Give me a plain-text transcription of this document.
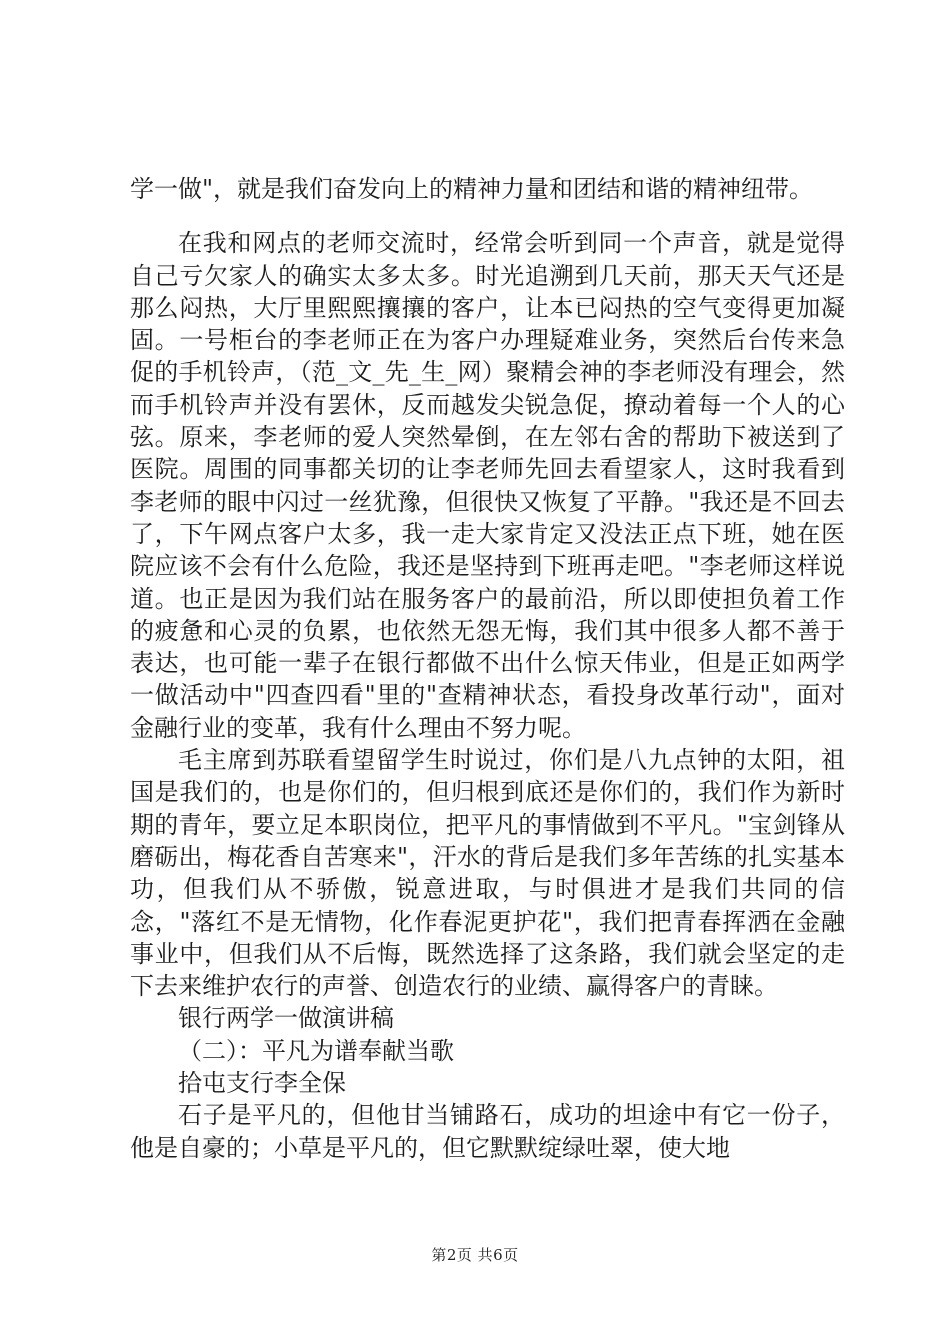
学一做"，就是我们奋发向上的精神力量和团结和谐的精神纽带。

在我和网点的老师交流时，经常会听到同一个声音，就是觉得自己亏欠家人的确实太多太多。时光追溯到几天前，那天天气还是那么闷热，大厅里熙熙攘攘的客户，让本已闷热的空气变得更加凝固。一号柜台的李老师正在为客户办理疑难业务，突然后台传来急促的手机铃声，（范_文_先_生_网）聚精会神的李老师没有理会，然而手机铃声并没有罢休，反而越发尖锐急促，撩动着每一个人的心弦。原来，李老师的爱人突然晕倒，在左邻右舍的帮助下被送到了医院。周围的同事都关切的让李老师先回去看望家人，这时我看到李老师的眼中闪过一丝犹豫，但很快又恢复了平静。"我还是不回去了，下午网点客户太多，我一走大家肯定又没法正点下班，她在医院应该不会有什么危险，我还是坚持到下班再走吧。"李老师这样说道。也正是因为我们站在服务客户的最前沿，所以即使担负着工作的疲惫和心灵的负累，也依然无怨无悔，我们其中很多人都不善于表达，也可能一辈子在银行都做不出什么惊天伟业，但是正如两学一做活动中"四查四看"里的"查精神状态，看投身改革行动"，面对金融行业的变革，我有什么理由不努力呢。

毛主席到苏联看望留学生时说过，你们是八九点钟的太阳，祖国是我们的，也是你们的，但归根到底还是你们的，我们作为新时期的青年，要立足本职岗位，把平凡的事情做到不平凡。"宝剑锋从磨砺出，梅花香自苦寒来"，汗水的背后是我们多年苦练的扎实基本功，但我们从不骄傲，锐意进取，与时俱进才是我们共同的信念，"落红不是无情物，化作春泥更护花"，我们把青春挥洒在金融事业中，但我们从不后悔，既然选择了这条路，我们就会坚定的走下去来维护农行的声誉、创造农行的业绩、赢得客户的青睐。

银行两学一做演讲稿

（二）：平凡为谱奉献当歌

拾屯支行李全保

石子是平凡的，但他甘当铺路石，成功的坦途中有它一份子，他是自豪的；小草是平凡的，但它默默绽绿吐翠，使大地

第2页 共6页
